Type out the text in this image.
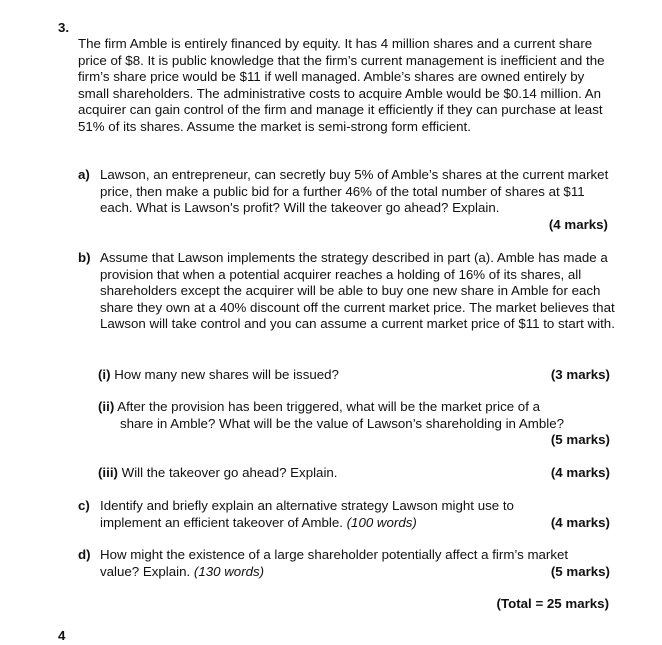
3.
The firm Amble is entirely financed by equity. It has 4 million shares and a current share price of $8. It is public knowledge that the firm’s current management is inefficient and the firm’s share price would be $11 if well managed. Amble’s shares are owned entirely by small shareholders. The administrative costs to acquire Amble would be $0.14 million. An acquirer can gain control of the firm and manage it efficiently if they can purchase at least 51% of its shares. Assume the market is semi-strong form efficient.
a) Lawson, an entrepreneur, can secretly buy 5% of Amble’s shares at the current market price, then make a public bid for a further 46% of the total number of shares at $11 each. What is Lawson's profit? Will the takeover go ahead? Explain.
(4 marks)
b) Assume that Lawson implements the strategy described in part (a). Amble has made a provision that when a potential acquirer reaches a holding of 16% of its shares, all shareholders except the acquirer will be able to buy one new share in Amble for each share they own at a 40% discount off the current market price. The market believes that Lawson will take control and you can assume a current market price of $11 to start with.
(i) How many new shares will be issued?	(3 marks)
(ii) After the provision has been triggered, what will be the market price of a
share in Amble? What will be the value of Lawson’s shareholding in Amble?
(5 marks)
(iii) Will the takeover go ahead? Explain.	(4 marks)
c) Identify and briefly explain an alternative strategy Lawson might use to
implement an efficient takeover of Amble. (100 words)	(4 marks)
d) How might the existence of a large shareholder potentially affect a firm’s market
value? Explain. (130 words)	(5 marks)
(Total = 25 marks)
4
